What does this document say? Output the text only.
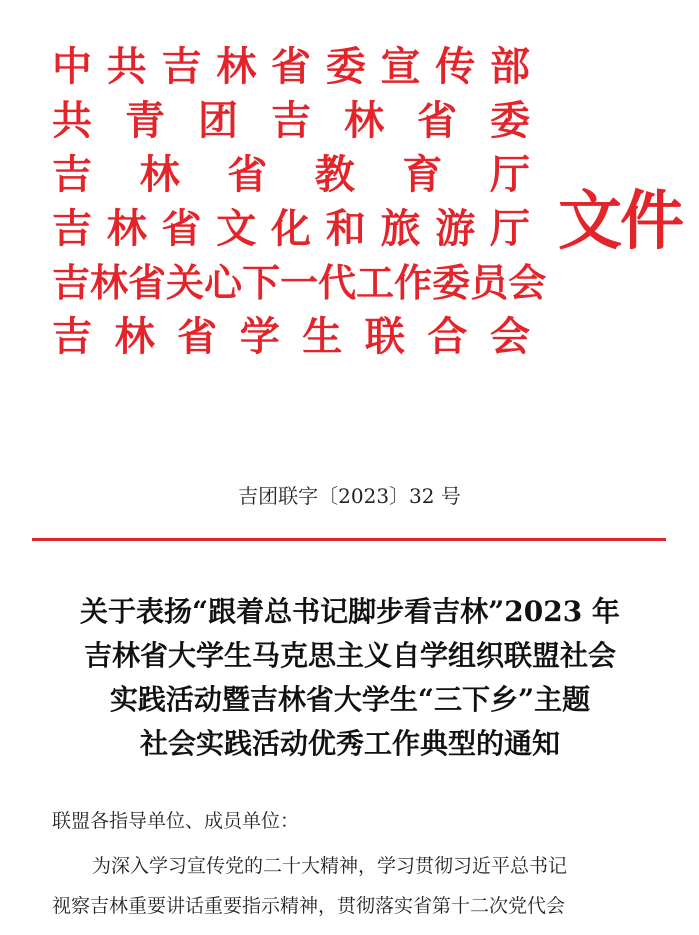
中 共 吉 林 省 委 宣 传 部
共 青 团 吉 林 省 委
吉 林 省 教 育 厅
吉 林 省 文 化 和 旅 游 厅
吉 林 省 关 心 下 一 代 工 作 委 员 会
吉 林 省 学 生 联 合 会
文件
吉团联字〔2023〕32 号
关于表扬“跟着总书记脚步看吉林”2023 年
吉林省大学生马克思主义自学组织联盟社会
实践活动暨吉林省大学生“三下乡”主题
社会实践活动优秀工作典型的通知
联盟各指导单位、成员单位：
为深入学习宣传党的二十大精神，学习贯彻习近平总书记
视察吉林重要讲话重要指示精神，贯彻落实省第十二次党代会
